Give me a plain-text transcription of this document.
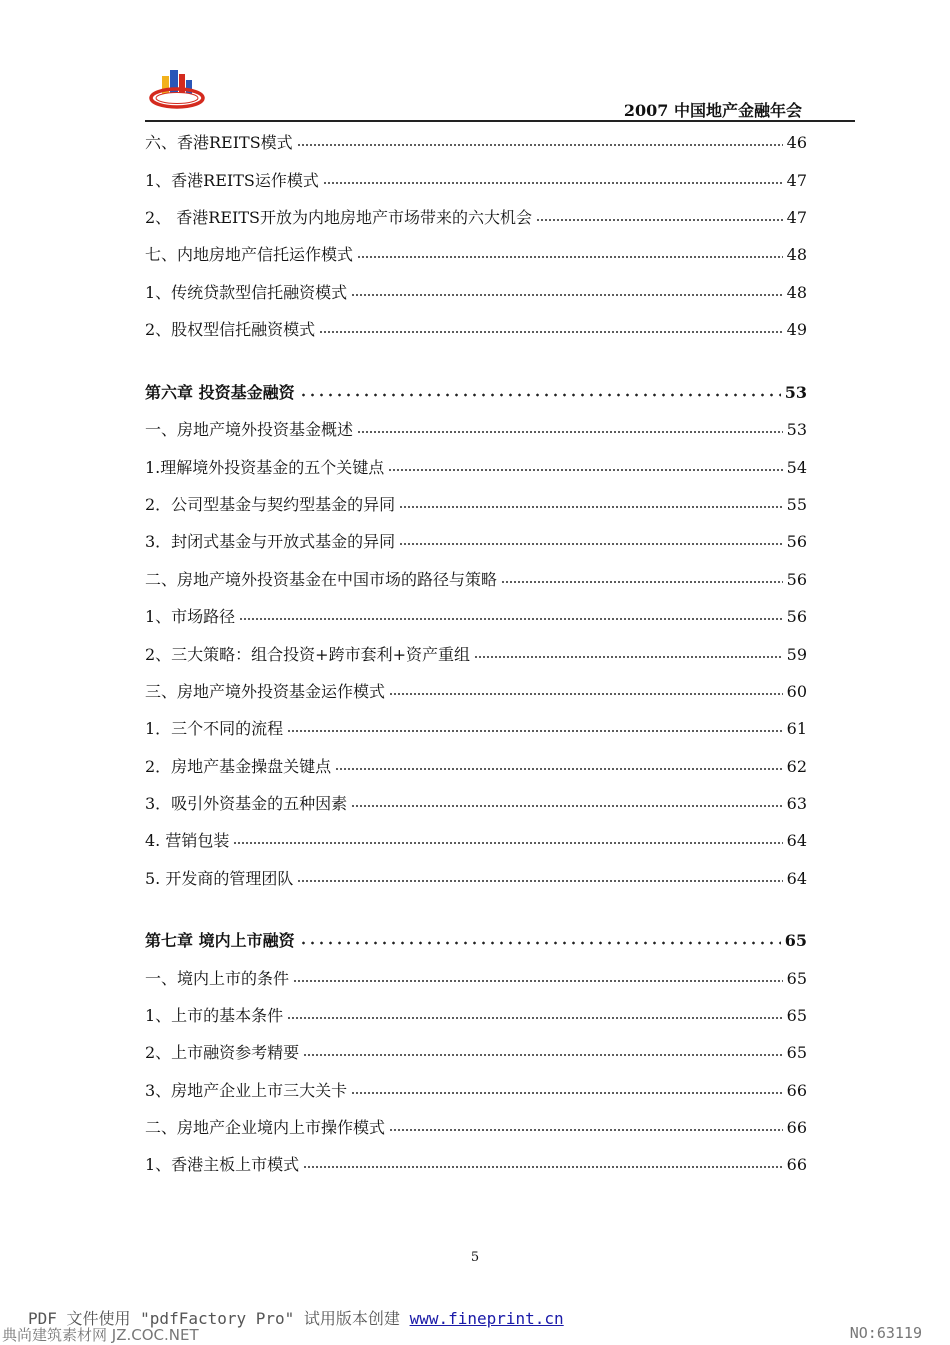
2007 中国地产金融年会
六、香港REITS模式	46
1、香港REITS运作模式	47
2、 香港REITS开放为内地房地产市场带来的六大机会	47
七、内地房地产信托运作模式	48
1、传统贷款型信托融资模式	48
2、股权型信托融资模式	49
第六章 投资基金融资	53
一、房地产境外投资基金概述	53
1.理解境外投资基金的五个关键点	54
2．公司型基金与契约型基金的异同	55
3．封闭式基金与开放式基金的异同	56
二、房地产境外投资基金在中国市场的路径与策略	56
1、市场路径	56
2、三大策略：组合投资+跨市套利+资产重组	59
三、房地产境外投资基金运作模式	60
1．三个不同的流程	61
2．房地产基金操盘关键点	62
3．吸引外资基金的五种因素	63
4. 营销包装	64
5. 开发商的管理团队	64
第七章 境内上市融资	65
一、境内上市的条件	65
1、上市的基本条件	65
2、上市融资参考精要	65
3、房地产企业上市三大关卡	66
二、房地产企业境内上市操作模式	66
1、香港主板上市模式	66
5
PDF 文件使用 "pdfFactory Pro" 试用版本创建 www.fineprint.cn
典尚建筑素材网 JZ.COC.NET	NO:63119
